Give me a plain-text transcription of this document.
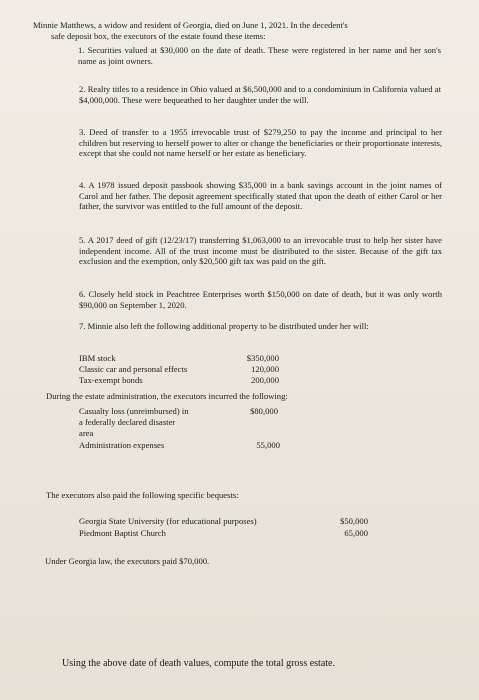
Minnie Matthews, a widow and resident of Georgia, died on June 1, 2021. In the decedent's
safe deposit box, the executors of the estate found these items:
1. Securities valued at $30,000 on the date of death. These were registered in her name and her son's name as joint owners.
2. Realty titles to a residence in Ohio valued at $6,500,000 and to a condominium in California valued at $4,000,000. These were bequeathed to her daughter under the will.
3. Deed of transfer to a 1955 irrevocable trust of $279,250 to pay the income and principal to her children but reserving to herself power to alter or change the beneficiaries or their proportionate interests, except that she could not name herself or her estate as beneficiary.
4. A 1978 issued deposit passbook showing $35,000 in a bank savings account in the joint names of Carol and her father. The deposit agreement specifically stated that upon the death of either Carol or her father, the survivor was entitled to the full amount of the deposit.
5. A 2017 deed of gift (12/23/17) transferring $1,063,000 to an irrevocable trust to help her sister have independent income. All of the trust income must be distributed to the sister. Because of the gift tax exclusion and the exemption, only $20,500 gift tax was paid on the gift.
6. Closely held stock in Peachtree Enterprises worth $150,000 on date of death, but it was only worth $90,000 on September 1, 2020.
7. Minnie also left the following additional property to be distributed under her will:
IBM stock	$350,000
Classic car and personal effects	120,000
Tax-exempt bonds	200,000
During the estate administration, the executors incurred the following:
Casualty loss (unreimbursed) in	$80,000
a federally declared disaster
area
Administration expenses	55,000
The executors also paid the following specific bequests:
Georgia State University (for educational purposes)	$50,000
Piedmont Baptist Church	65,000
Under Georgia law, the executors paid $70,000.
Using the above date of death values, compute the total gross estate.
